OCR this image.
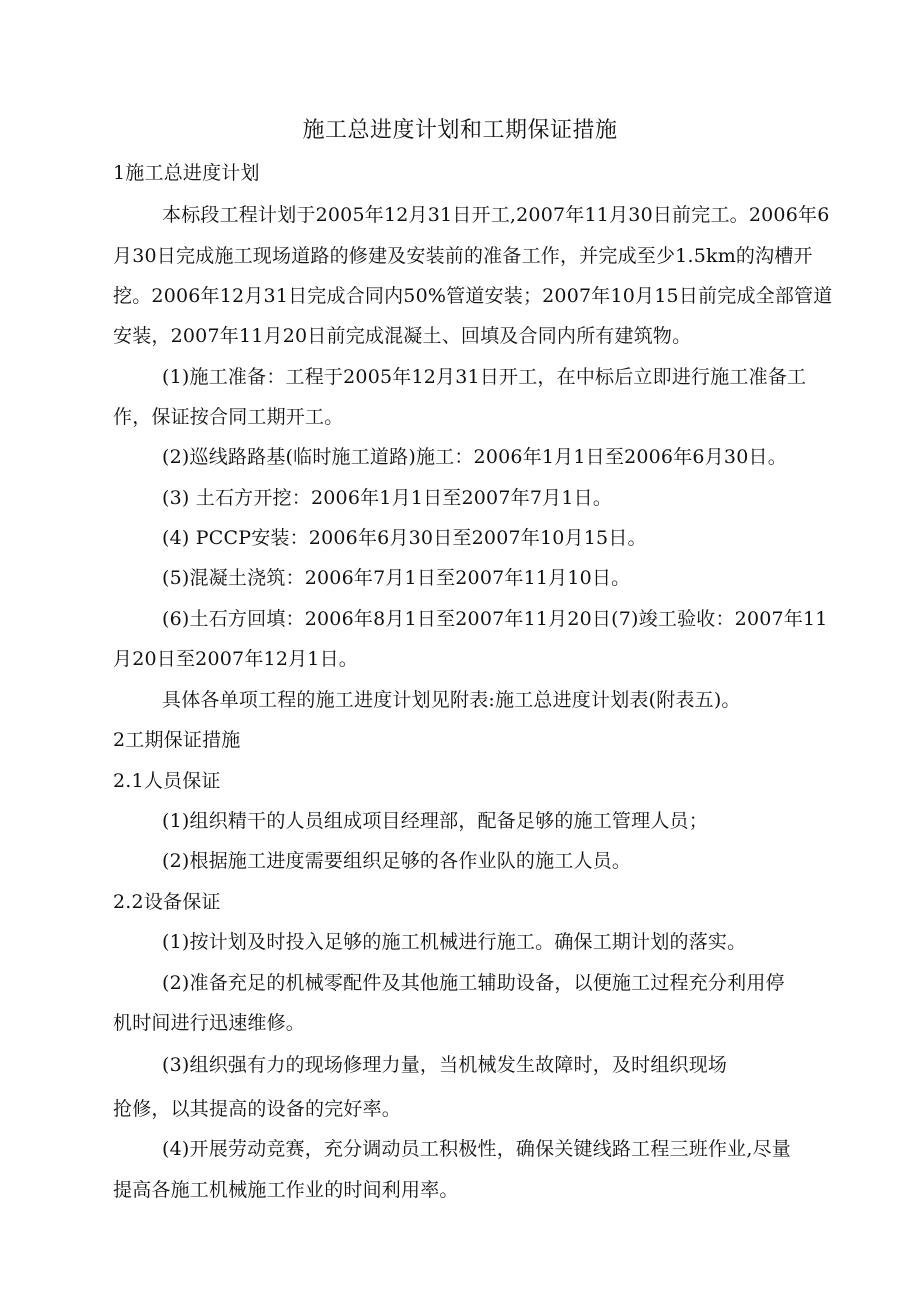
施工总进度计划和工期保证措施
1施工总进度计划
本标段工程计划于2005年12月31日开工,2007年11月30日前完工。2006年6
月30日完成施工现场道路的修建及安装前的准备工作，并完成至少1.5km的沟槽开
挖。2006年12月31日完成合同内50%管道安装；2007年10月15日前完成全部管道
安装，2007年11月20日前完成混凝土、回填及合同内所有建筑物。
(1)施工准备：工程于2005年12月31日开工，在中标后立即进行施工准备工
作，保证按合同工期开工。
(2)巡线路路基(临时施工道路)施工：2006年1月1日至2006年6月30日。
(3) 土石方开挖：2006年1月1日至2007年7月1日。
(4) PCCP安装：2006年6月30日至2007年10月15日。
(5)混凝土浇筑：2006年7月1日至2007年11月10日。
(6)土石方回填：2006年8月1日至2007年11月20日(7)竣工验收：2007年11
月20日至2007年12月1日。
具体各单项工程的施工进度计划见附表:施工总进度计划表(附表五)。
2工期保证措施
2.1人员保证
(1)组织精干的人员组成项目经理部，配备足够的施工管理人员；
(2)根据施工进度需要组织足够的各作业队的施工人员。
2.2设备保证
(1)按计划及时投入足够的施工机械进行施工。确保工期计划的落实。
(2)准备充足的机械零配件及其他施工辅助设备，以便施工过程充分利用停
机时间进行迅速维修。
(3)组织强有力的现场修理力量，当机械发生故障时，及时组织现场
抢修，以其提高的设备的完好率。
(4)开展劳动竞赛，充分调动员工积极性，确保关键线路工程三班作业,尽量
提高各施工机械施工作业的时间利用率。
